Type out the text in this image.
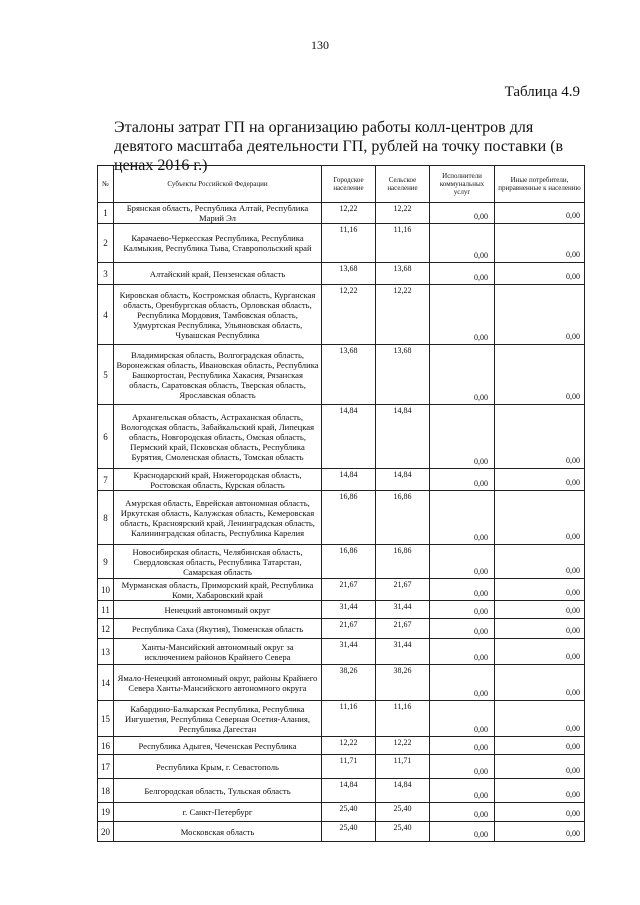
130
Таблица 4.9
Эталоны затрат ГП на организацию работы колл-центров для девятого масштаба деятельности ГП, рублей на точку поставки (в ценах 2016 г.)
№	Субъекты Российской Федерации	Городское население	Сельское население	Исполнители коммунальных услуг	Иные потребители, приравненные к населению
1	Брянская область, Республика Алтай, Республика Марий Эл	12,22	12,22	0,00	0,00
2	Карачаево-Черкесская Республика, Республика Калмыкия, Республика Тыва, Ставропольский край	11,16	11,16	0,00	0,00
3	Алтайский край, Пензенская область	13,68	13,68	0,00	0,00
4	Кировская область, Костромская область, Курганская область, Оренбургская область, Орловская область, Республика Мордовия, Тамбовская область, Удмуртская Республика, Ульяновская область, Чувашская Республика	12,22	12,22	0,00	0,00
5	Владимирская область, Волгоградская область, Воронежская область, Ивановская область, Республика Башкортостан, Республика Хакасия, Рязанская область, Саратовская область, Тверская область, Ярославская область	13,68	13,68	0,00	0,00
6	Архангельская область, Астраханская область, Вологодская область, Забайкальский край, Липецкая область, Новгородская область, Омская область, Пермский край, Псковская область, Республика Бурятия, Смоленская область, Томская область	14,84	14,84	0,00	0,00
7	Краснодарский край, Нижегородская область, Ростовская область, Курская область	14,84	14,84	0,00	0,00
8	Амурская область, Еврейская автономная область, Иркутская область, Калужская область, Кемеровская область, Красноярский край, Ленинградская область, Калининградская область, Республика Карелия	16,86	16,86	0,00	0,00
9	Новосибирская область, Челябинская область, Свердловская область, Республика Татарстан, Самарская область	16,86	16,86	0,00	0,00
10	Мурманская область, Приморский край, Республика Коми, Хабаровский край	21,67	21,67	0,00	0,00
11	Ненецкий автономный округ	31,44	31,44	0,00	0,00
12	Республика Саха (Якутия), Тюменская область	21,67	21,67	0,00	0,00
13	Ханты-Мансийский автономный округ за исключением районов Крайнего Севера	31,44	31,44	0,00	0,00
14	Ямало-Ненецкий автономный округ, районы Крайнего Севера Ханты-Мансийского автономного округа	38,26	38,26	0,00	0,00
15	Кабардино-Балкарская Республика, Республика Ингушетия, Республика Северная Осетия-Алания, Республика Дагестан	11,16	11,16	0,00	0,00
16	Республика Адыгея, Чеченская Республика	12,22	12,22	0,00	0,00
17	Республика Крым, г. Севастополь	11,71	11,71	0,00	0,00
18	Белгородская область, Тульская область	14,84	14,84	0,00	0,00
19	г. Санкт-Петербург	25,40	25,40	0,00	0,00
20	Московская область	25,40	25,40	0,00	0,00
